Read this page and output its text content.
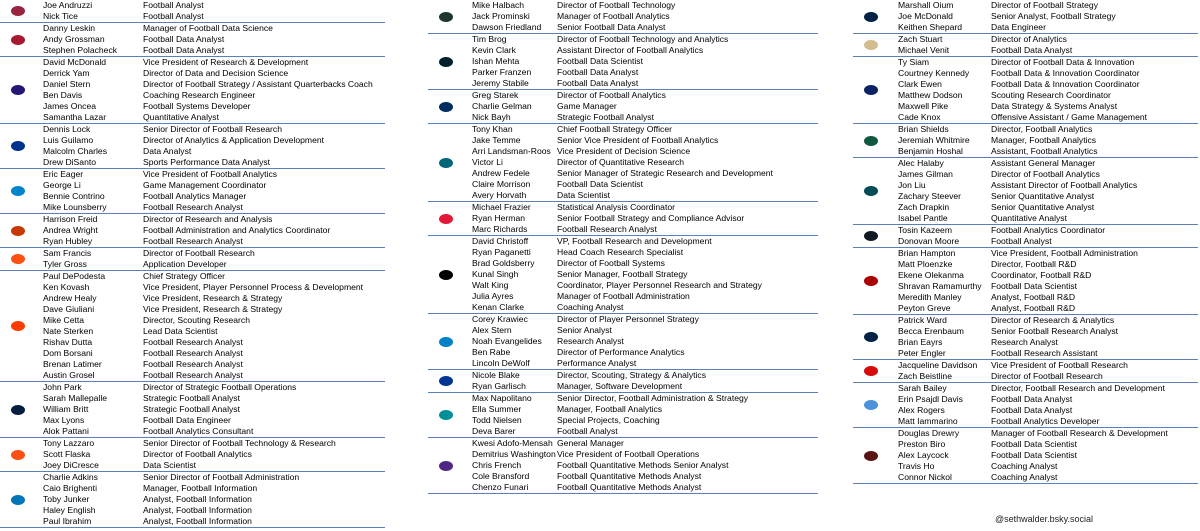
Joe Andruzzi	Football Analyst
Nick Tice	Football Analyst
Danny Leskin	Manager of Football Data Science
Andy Grossman	Football Data Analyst
Stephen Polacheck	Football Data Analyst
David McDonald	Vice President of Research & Development
Derrick Yam	Director of Data and Decision Science
Daniel Stern	Director of Football Strategy / Assistant Quarterbacks Coach
Ben Davis	Coaching Research Engineer
James Oncea	Football Systems Developer
Samantha Lazar	Quantitative Analyst
Dennis Lock	Senior Director of Football Research
Luis Guilamo	Director of Analytics & Application Development
Malcolm Charles	Data Analyst
Drew DiSanto	Sports Performance Data Analyst
Eric Eager	Vice President of Football Analytics
George Li	Game Management Coordinator
Bennie Contrino	Football Analytics Manager
Mike Lounsberry	Football Research Analyst
Harrison Freid	Director of Research and Analysis
Andrea Wright	Football Administration and Analytics Coordinator
Ryan Hubley	Football Research Analyst
Sam Francis	Director of Football Research
Tyler Gross	Application Developer
Paul DePodesta	Chief Strategy Officer
Ken Kovash	Vice President, Player Personnel Process & Development
Andrew Healy	Vice President, Research & Strategy
Dave Giuliani	Vice President, Research & Strategy
Mike Cetta	Director, Scouting Research
Nate Sterken	Lead Data Scientist
Rishav Dutta	Football Research Analyst
Dom Borsani	Football Research Analyst
Brenan Latimer	Football Research Analyst
Austin Grosel	Football Research Analyst
John Park	Director of Strategic Football Operations
Sarah Mallepalle	Strategic Football Analyst
William Britt	Strategic Football Analyst
Max Lyons	Football Data Engineer
Alok Pattani	Football Analytics Consultant
Tony Lazzaro	Senior Director of Football Technology & Research
Scott Flaska	Director of Football Analytics
Joey DiCresce	Data Scientist
Charlie Adkins	Senior Director of Football Administration
Caio Brighenti	Manager, Football Information
Toby Junker	Analyst, Football Information
Haley English	Analyst, Football Information
Paul Ibrahim	Analyst, Football Information
Mike Halbach	Director of Football Technology
Jack Prominski	Manager of Football Analytics
Dawson Friedland	Senior Football Data Analyst
Tim Brog	Director of Football Technology and Analytics
Kevin Clark	Assistant Director of Football Analytics
Ishan Mehta	Football Data Scientist
Parker Franzen	Football Data Analyst
Jeremy Stabile	Football Data Analyst
Greg Starek	Director of Football Analytics
Charlie Gelman	Game Manager
Nick Bayh	Strategic Football Analyst
Tony Khan	Chief Football Strategy Officer
Jake Temme	Senior Vice President of Football Analytics
Arri Landsman-Roos Vice President of Decision Science
Victor Li	Director of Quantitative Research
Andrew Fedele	Senior Manager of Strategic Research and Development
Claire Morrison	Football Data Scientist
Avery Horvath	Data Scientist
Michael Frazier	Statistical Analysis Coordinator
Ryan Herman	Senior Football Strategy and Compliance Advisor
Marc Richards	Football Research Analyst
David Christoff	VP, Football Research and Development
Ryan Paganetti	Head Coach Research Specialist
Brad Goldsberry	Director of Football Systems
Kunal Singh	Senior Manager, Football Strategy
Walt King	Coordinator, Player Personnel Research and Strategy
Julia Ayres	Manager of Football Administration
Kenan Clarke	Coaching Analyst
Corey Krawiec	Director of Player Personnel Strategy
Alex Stern	Senior Analyst
Noah Evangelides	Research Analyst
Ben Rabe	Director of Performance Analytics
Lincoln DeWolf	Performance Analyst
Nicole Blake	Director, Scouting, Strategy & Analytics
Ryan Garlisch	Manager, Software Development
Max Napolitano	Senior Director, Football Administration & Strategy
Ella Summer	Manager, Football Analytics
Todd Nielsen	Special Projects, Coaching
Deva Barer	Football Analyst
Kwesi Adofo-Mensah General Manager
Demitrius Washington Vice President of Football Operations
Chris French	Football Quantitative Methods Senior Analyst
Cole Bransford	Football Quantitative Methods Analyst
Chenzo Funari	Football Quantitative Methods Analyst
Marshall Oium	Director of Football Strategy
Joe McDonald	Senior Analyst, Football Strategy
Keithen Shepard	Data Engineer
Zach Stuart	Director of Analytics
Michael Venit	Football Data Analyst
Ty Siam	Director of Football Data & Innovation
Courtney Kennedy	Football Data & Innovation Coordinator
Clark Ewen	Football Data & Innovation Coordinator
Matthew Dodson	Scouting Research Coordinator
Maxwell Pike	Data Strategy & Systems Analyst
Cade Knox	Offensive Assistant / Game Management
Brian Shields	Director, Football Analytics
Jeremiah Whitmire	Manager, Football Analytics
Benjamin Hoshal	Assistant, Football Analytics
Alec Halaby	Assistant General Manager
James Gilman	Director of Football Analytics
Jon Liu	Assistant Director of Football Analytics
Zachary Steever	Senior Quantitative Analyst
Zach Drapkin	Senior Quantitative Analyst
Isabel Pantle	Quantitative Analyst
Tosin Kazeem	Football Analytics Coordinator
Donovan Moore	Football Analyst
Brian Hampton	Vice President, Football Administration
Matt Ploenzke	Director, Football R&D
Ekene Olekanma	Coordinator, Football R&D
Shravan Ramamurthy	Football Data Scientist
Meredith Manley	Analyst, Football R&D
Peyton Greve	Analyst, Football R&D
Patrick Ward	Director of Research & Analytics
Becca Erenbaum	Senior Football Research Analyst
Brian Eayrs	Research Analyst
Peter Engler	Football Research Assistant
Jacqueline Davidson	Vice President of Football Research
Zach Beistline	Director of Football Research
Sarah Bailey	Director, Football Research and Development
Erin Psajdl Davis	Football Data Analyst
Alex Rogers	Football Data Analyst
Matt Iammarino	Football Analytics Developer
Douglas Drewry	Manager of Football Research & Development
Preston Biro	Football Data Scientist
Alex Laycock	Football Data Scientist
Travis Ho	Coaching Analyst
Connor Nickol	Coaching Analyst
@sethwalder.bsky.social
